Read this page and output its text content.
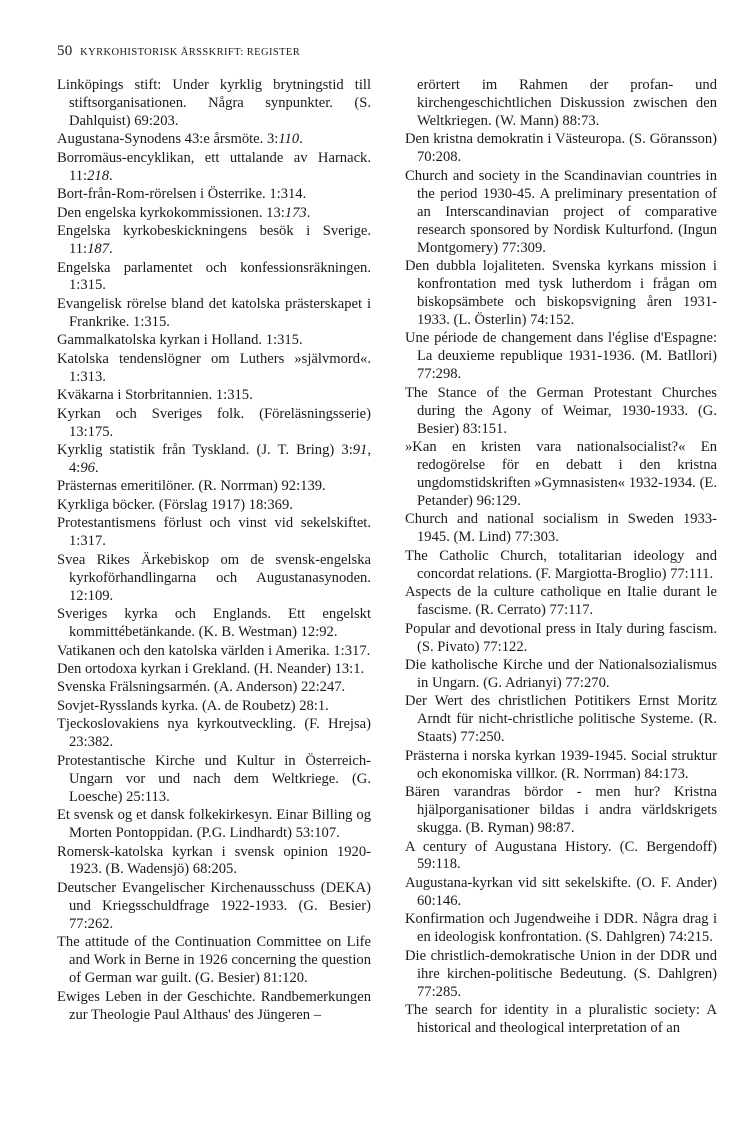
50 KYRKOHISTORISK ÅRSSKRIFT: REGISTER

Linköpings stift: Under kyrklig brytningstid till stiftsorganisationen. Några synpunkter. (S. Dahlquist) 69:203.

Augustana-Synodens 43:e årsmöte. 3:110.

Borromäus-encyklikan, ett uttalande av Harnack. 11:218.

Bort-från-Rom-rörelsen i Österrike. 1:314.

Den engelska kyrkokommissionen. 13:173.

Engelska kyrkobeskickningens besök i Sverige. 11:187.

Engelska parlamentet och konfessionsräkningen. 1:315.

Evangelisk rörelse bland det katolska prästerskapet i Frankrike. 1:315.

Gammalkatolska kyrkan i Holland. 1:315.

Katolska tendenslögner om Luthers »självmord«. 1:313.

Kväkarna i Storbritannien. 1:315.

Kyrkan och Sveriges folk. (Föreläsningsserie) 13:175.

Kyrklig statistik från Tyskland. (J. T. Bring) 3:91, 4:96.

Prästernas emeritilöner. (R. Norrman) 92:139.

Kyrkliga böcker. (Förslag 1917) 18:369.

Protestantismens förlust och vinst vid sekelskiftet. 1:317.

Svea Rikes Ärkebiskop om de svensk-engelska kyrkoförhandlingarna och Augustanasynoden. 12:109.

Sveriges kyrka och Englands. Ett engelskt kommittébetänkande. (K. B. Westman) 12:92.

Vatikanen och den katolska världen i Amerika. 1:317.

Den ortodoxa kyrkan i Grekland. (H. Neander) 13:1.

Svenska Frälsningsarmén. (A. Anderson) 22:247.

Sovjet-Rysslands kyrka. (A. de Roubetz) 28:1.

Tjeckoslovakiens nya kyrkoutveckling. (F. Hrejsa) 23:382.

Protestantische Kirche und Kultur in Österreich-Ungarn vor und nach dem Weltkriege. (G. Loesche) 25:113.

Et svensk og et dansk folkekirkesyn. Einar Billing og Morten Pontoppidan. (P.G. Lindhardt) 53:107.

Romersk-katolska kyrkan i svensk opinion 1920-1923. (B. Wadensjö) 68:205.

Deutscher Evangelischer Kirchenausschuss (DEKA) und Kriegsschuldfrage 1922-1933. (G. Besier) 77:262.

The attitude of the Continuation Committee on Life and Work in Berne in 1926 concerning the question of German war guilt. (G. Besier) 81:120.

Ewiges Leben in der Geschichte. Randbemerkungen zur Theologie Paul Althaus' des Jüngeren –

erörtert im Rahmen der profan- und kirchengeschichtlichen Diskussion zwischen den Weltkriegen. (W. Mann) 88:73.

Den kristna demokratin i Västeuropa. (S. Göransson) 70:208.

Church and society in the Scandinavian countries in the period 1930-45. A preliminary presentation of an Interscandinavian project of comparative research sponsored by Nordisk Kulturfond. (Ingun Montgomery) 77:309.

Den dubbla lojaliteten. Svenska kyrkans mission i konfrontation med tysk lutherdom i frågan om biskopsämbete och biskopsvigning åren 1931-1933. (L. Österlin) 74:152.

Une période de changement dans l'église d'Espagne: La deuxieme republique 1931-1936. (M. Batllori) 77:298.

The Stance of the German Protestant Churches during the Agony of Weimar, 1930-1933. (G. Besier) 83:151.

»Kan en kristen vara nationalsocialist?« En redogörelse för en debatt i den kristna ungdomstidskriften »Gymnasisten« 1932-1934. (E. Petander) 96:129.

Church and national socialism in Sweden 1933-1945. (M. Lind) 77:303.

The Catholic Church, totalitarian ideology and concordat relations. (F. Margiotta-Broglio) 77:111.

Aspects de la culture catholique en Italie durant le fascisme. (R. Cerrato) 77:117.

Popular and devotional press in Italy during fascism. (S. Pivato) 77:122.

Die katholische Kirche und der Nationalsozialismus in Ungarn. (G. Adrianyi) 77:270.

Der Wert des christlichen Potitikers Ernst Moritz Arndt für nicht-christliche politische Systeme. (R. Staats) 77:250.

Prästerna i norska kyrkan 1939-1945. Social struktur och ekonomiska villkor. (R. Norrman) 84:173.

Bären varandras bördor - men hur? Kristna hjälporganisationer bildas i andra världskrigets skugga. (B. Ryman) 98:87.

A century of Augustana History. (C. Bergendoff) 59:118.

Augustana-kyrkan vid sitt sekelskifte. (O. F. Ander) 60:146.

Konfirmation och Jugendweihe i DDR. Några drag i en ideologisk konfrontation. (S. Dahlgren) 74:215.

Die christlich-demokratische Union in der DDR und ihre kirchen-politische Bedeutung. (S. Dahlgren) 77:285.

The search for identity in a pluralistic society: A historical and theological interpretation of an
